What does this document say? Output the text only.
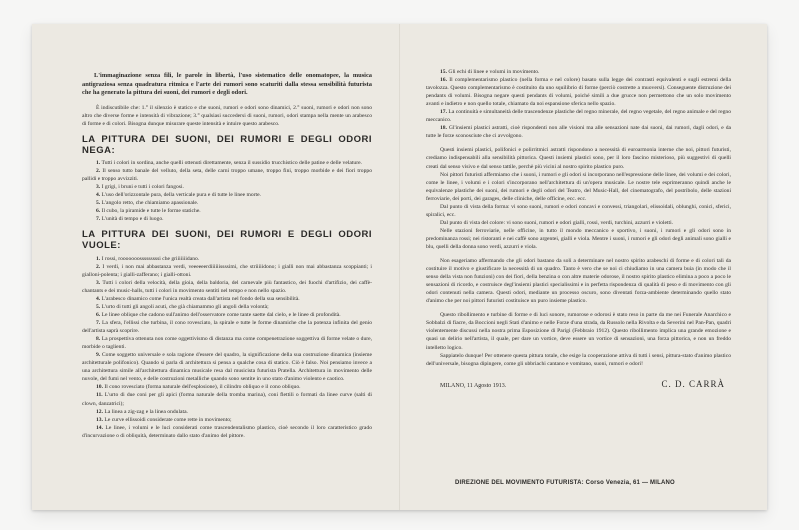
L'immaginazione senza fili, le parole in libertà, l'uso sistematico delle onomatopee, la musica antigraziosa senza quadratura ritmica e l'arte dei rumori sono scaturiti dalla stessa sensibilità futurista che ha generato la pittura dei suoni, dei rumori e degli odori.

È indiscutibile che: 1.° il silenzio è statico e che suoni, rumori e odori sono dinamici, 2.° suoni, rumori e odori non sono altro che diverse forme e intensità di vibrazione; 3.° qualsiasi succedersi di suoni, rumori, odori stampa nella mente un arabesco di forme e di colori. Bisogna dunque misurare queste intensità e intuire questo arabesco.

LA PITTURA DEI SUONI, DEI RUMORI E DEGLI ODORI NEGA:

1. Tutti i colori in sordina, anche quelli ottenuti direttamente, senza il sussidio trucchistico delle patine e delle velature.

2. Il senso tutto banale del velluto, della seta, delle carni troppo umane, troppo fini, troppo morbide e dei fiori troppo pallidi e troppo avvizziti.

3. I grigi, i bruni e tutti i colori fangosi.

4. L'uso dell'orizzontale pura, della verticale pura e di tutte le linee morte.

5. L'angolo retto, che chiamiamo apassionale.

6. Il cubo, la piramide e tutte le forme statiche.

7. L'unità di tempo e di luogo.

LA PITTURA DEI SUONI, DEI RUMORI E DEGLI ODORI VUOLE:

1. I rossi, rooooooosssssssssi che griiiiiiidano.

2. I verdi, i non mai abbastanza verdi, veeeeeerdiiiiiissssimi, che striiiiidono; i gialli non mai abbastanza scoppianti; i gialloni-polenta; i gialli-zafferano; i gialli-ottoni.

3. Tutti i colori della velocità, della gioia, della baldoria, del carnevale più fantastico, dei fuochi d'artifizio, dei caffè-chantants e dei music-halls, tutti i colori in movimento sentiti nel tempo e non nello spazio.

4. L'arabesco dinamico come l'unica realtà creata dall'artista nel fondo della sua sensibilità.

5. L'urto di tutti gli angoli acuti, che già chiamammo gli angoli della volontà;

6. Le linee oblique che cadono sull'animo dell'osservatore come tante saette dal cielo, e le linee di profondità.

7. La sfera, l'ellissi che turbina, il cono rovesciato, la spirale e tutte le forme dinamiche che la potenza infinita del genio dell'artista saprà scoprire.

8. La prospettiva ottenuta non come oggettivismo di distanza ma come compenetrazione soggettiva di forme velate o dure, morbide o taglienti.

9. Come soggetto universale e sola ragione d'essere del quadro, la significazione della sua costruzione dinamica (insieme architetturale polifonico). Quando si parla di architettura si pensa a qualche cosa di statico. Ciò è falso. Noi pensiamo invece a una architettura simile all'architettura dinamica musicale resa dal musicista futurista Pratella. Architettura in movimento delle nuvole, del fumi nel vento, e delle costruzioni metalliche quando sono sentite in uno stato d'animo violento e caotico.

10. Il cono rovesciato (forma naturale dell'esplosione), il cilindro obliquo e il cono obliquo.

11. L'urto di due coni per gli apici (forma naturale della tromba marina), coni flettili o formati da linee curve (salti di clown, danzatrici);

12. La linea a zig-zag e la linea ondulata.

13. Le curve ellissoidi considerate come rette in movimento;

14. Le linee, i volumi e le luci considerati come trascendentalismo plastico, cioè secondo il loro caratteristico grado d'incurvazione o di obliquità, determinato dallo stato d'animo del pittore.

15. Gli echi di linee e volumi in movimento.

16. Il complementarismo plastico (nella forma e nel colore) basato sulla legge dei contrasti equivalenti e sugli estremi della tavolozza. Questo complementarismo è costituito da uno squilibrio di forme (perciò costrette a muoversi). Conseguente distruzione dei pendants di volumi. Bisogna negare questi pendants di volumi, poiché simili a due grucce non permettono che un solo movimento avanti e indietro e non quello totale, chiamato da noi espansione sferica nello spazio.

17. La continuità e simultaneità delle trascendenze plastiche del regno minerale, del regno vegetale, del regno animale e del regno meccanico.

18. Gl'insiemi plastici astratti, cioè rispondenti non alle visioni ma alle sensazioni nate dai suoni, dai rumori, dagli odori, e da tutte le forze sconosciute che ci avvolgono.

Questi insiemi plastici, polifonici e polirritmici astratti rispondono a necessità di euroarmonia interne che noi, pittori futuristi, crediamo indispensabili alla sensibilità pittorica. Questi insiemi plastici sono, per il loro fascino misterioso, più suggestivi di quelli creati dal senso visivo e dal senso tattile, perchè più vicini al nostro spirito plastico puro.

Noi pittori futuristi affermiamo che i suoni, i rumori e gli odori si incorporano nell'espressione delle linee, dei volumi e dei colori, come le linee, i volumi e i colori s'incorporano nell'architettura di un'opera musicale. Le nostre tele esprimeranno quindi anche le equivalenze plastiche dei suoni, dei rumori e degli odori del Teatro, del Music-Hall, del cinematografo, del postribolo, delle stazioni ferroviarie, dei porti, dei garages, delle cliniche, delle officine, ecc. ecc.

Dal punto di vista della forma: vi sono suoni, rumori e odori concavi e convessi, triangolari, elissoidali, oblunghi, conici, sferici, spiralici, ecc.

Dal punto di vista del colore: vi sono suoni, rumori e odori gialli, rossi, verdi, turchini, azzurri e violetti.

Nelle stazioni ferroviarie, nelle officine, in tutto il mondo meccanico e sportivo, i suoni, i rumori e gli odori sono in predominanza rossi; nei ristoranti e nei caffè sono argentei, gialli e viola. Mentre i suoni, i rumori e gli odori degli animali sono gialli e blu, quelli della donna sono verdi, azzurri e viola.

Non esageriamo affermando che gli odori bastano da soli a determinare nel nostro spirito arabeschi di forme e di colori tali da costituire il motivo e giustificare la necessità di un quadro. Tanto è vero che se noi ci chiudiamo in una camera buia (in modo che il senso della vista non funzioni) con dei fiori, della benzina o con altre materie odorose, il nostro spirito plastico elimina a poco a poco le sensazioni di ricordo, e costruisce degl'insiemi plastici specialissimi e in perfetta rispondenza di qualità di peso e di movimento con gli odori contenuti nella camera. Questi odori, mediante un processo oscuro, sono diventati forza-ambiente determinando quello stato d'animo che per noi pittori futuristi costituisce un puro insieme plastico.

Questo ribollimento e turbine di forme e di luci sonore, rumorose e odorosi è stato reso in parte da me nei Funerale Anarchico e Sobbalzi di fiacre, da Boccioni negli Stati d'animo e nelle Forze d'una strada, da Russolo nella Rivolta e da Severini nel Pan-Pan, quadri violentemente discussi nella nostra prima Esposizione di Parigi (Febbraio 1912). Questo ribollimento implica una grande emozione e quasi un delirio nell'artista, il quale, per dare un vortice, deve essere un vortice di sensazioni, una forza pittorica, e non un freddo intelletto logico.

Sappiatelo dunque! Per ottenere questa pittura totale, che esige la cooperazione attiva di tutti i sensi, pittura-stato d'animo plastico dell'universale, bisogna dipingere, come gli ubbriachi cantano e vomitano, suoni, rumori e odori!

MILANO, 11 Agosto 1913.	C. D. CARRÀ
DIREZIONE DEL MOVIMENTO FUTURISTA: Corso Venezia, 61 — MILANO
